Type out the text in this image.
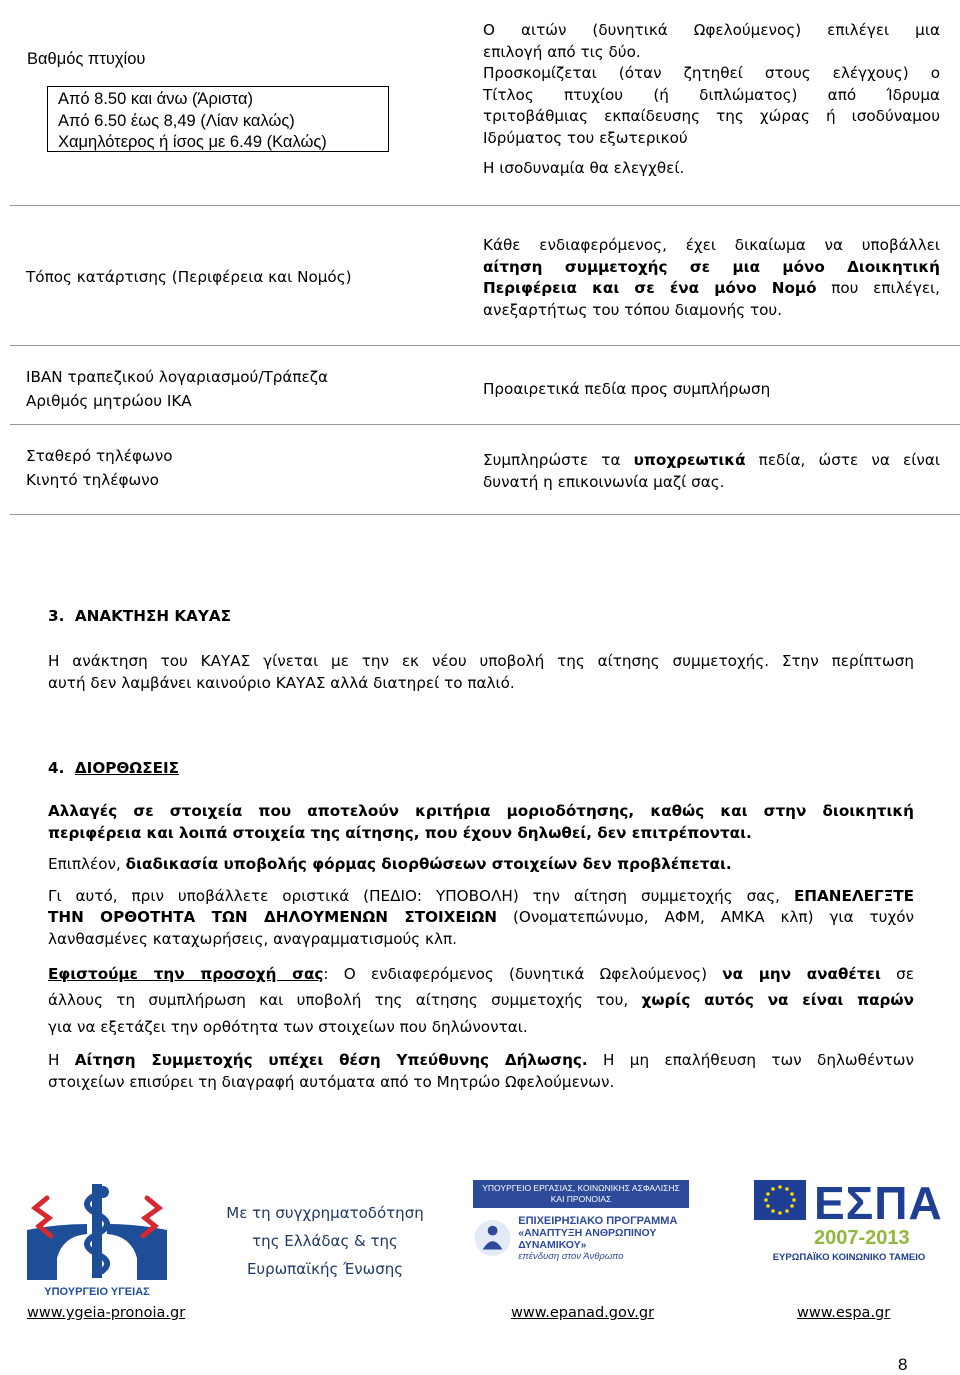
Βαθμός πτυχίου
Από 8.50 και άνω (Άριστα)
Από 6.50 έως 8,49 (Λίαν καλώς)
Χαμηλότερος ή ίσος με 6.49 (Καλώς)
Ο αιτών (δυνητικά Ωφελούμενος) επιλέγει μια
επιλογή από τις δύο.
Προσκομίζεται (όταν ζητηθεί στους ελέγχους) ο
Τίτλος πτυχίου (ή διπλώματος) από Ίδρυμα
τριτοβάθμιας εκπαίδευσης της χώρας ή ισοδύναμου
Ιδρύματος του εξωτερικού
Η ισοδυναμία θα ελεγχθεί.
Τόπος κατάρτισης (Περιφέρεια και Νομός)
Κάθε ενδιαφερόμενος, έχει δικαίωμα να υποβάλλει
αίτηση συμμετοχής σε μια μόνο Διοικητική
Περιφέρεια και σε ένα μόνο Νομό που επιλέγει,
ανεξαρτήτως του τόπου διαμονής του.
IBAN τραπεζικού λογαριασμού/Τράπεζα
Αριθμός μητρώου ΙΚΑ
Προαιρετικά πεδία προς συμπλήρωση
Σταθερό τηλέφωνο
Κινητό τηλέφωνο
Συμπληρώστε τα υποχρεωτικά πεδία, ώστε να είναι
δυνατή η επικοινωνία μαζί σας.
3. ΑΝΑΚΤΗΣΗ ΚΑΥΑΣ
Η ανάκτηση του ΚΑΥΑΣ γίνεται με την εκ νέου υποβολή της αίτησης συμμετοχής. Στην περίπτωση
αυτή δεν λαμβάνει καινούριο ΚΑΥΑΣ αλλά διατηρεί το παλιό.
4. ΔΙΟΡΘΩΣΕΙΣ
Αλλαγές σε στοιχεία που αποτελούν κριτήρια μοριοδότησης, καθώς και στην διοικητική
περιφέρεια και λοιπά στοιχεία της αίτησης, που έχουν δηλωθεί, δεν επιτρέπονται.
Επιπλέον, διαδικασία υποβολής φόρμας διορθώσεων στοιχείων δεν προβλέπεται.
Γι αυτό, πριν υποβάλλετε οριστικά (ΠΕΔΙΟ: ΥΠΟΒΟΛΗ) την αίτηση συμμετοχής σας, ΕΠΑΝΕΛΕΓΞΤΕ
ΤΗΝ ΟΡΘΟΤΗΤΑ ΤΩΝ ΔΗΛΟΥΜΕΝΩΝ ΣΤΟΙΧΕΙΩΝ (Ονοματεπώνυμο, ΑΦΜ, ΑΜΚΑ κλπ) για τυχόν
λανθασμένες καταχωρήσεις, αναγραμματισμούς κλπ.
Εφιστούμε την προσοχή σας: Ο ενδιαφερόμενος (δυνητικά Ωφελούμενος) να μην αναθέτει σε
άλλους τη συμπλήρωση και υποβολή της αίτησης συμμετοχής του, χωρίς αυτός να είναι παρών
για να εξετάζει την ορθότητα των στοιχείων που δηλώνονται.
Η Αίτηση Συμμετοχής υπέχει θέση Υπεύθυνης Δήλωσης. Η μη επαλήθευση των δηλωθέντων
στοιχείων επισύρει τη διαγραφή αυτόματα από το Μητρώο Ωφελούμενων.
ΥΠΟΥΡΓΕΙΟ ΥΓΕΙΑΣ
Με τη συγχρηματοδότηση
της Ελλάδας & της
Ευρωπαϊκής Ένωσης
ΥΠΟΥΡΓΕΙΟ ΕΡΓΑΣΙΑΣ, ΚΟΙΝΩΝΙΚΗΣ ΑΣΦΑΛΙΣΗΣ ΚΑΙ ΠΡΟΝΟΙΑΣ
ΕΠΙΧΕΙΡΗΣΙΑΚΟ ΠΡΟΓΡΑΜΜΑ
«ΑΝΑΠΤΥΞΗ ΑΝΘΡΩΠΙΝΟΥ ΔΥΝΑΜΙΚΟΥ»
επένδυση στον Άνθρωπο
ΕΣΠΑ
2007-2013
ΕΥΡΩΠΑΪΚΟ ΚΟΙΝΩΝΙΚΟ ΤΑΜΕΙΟ
www.ygeia-pronoia.gr	www.epanad.gov.gr	www.espa.gr
8
